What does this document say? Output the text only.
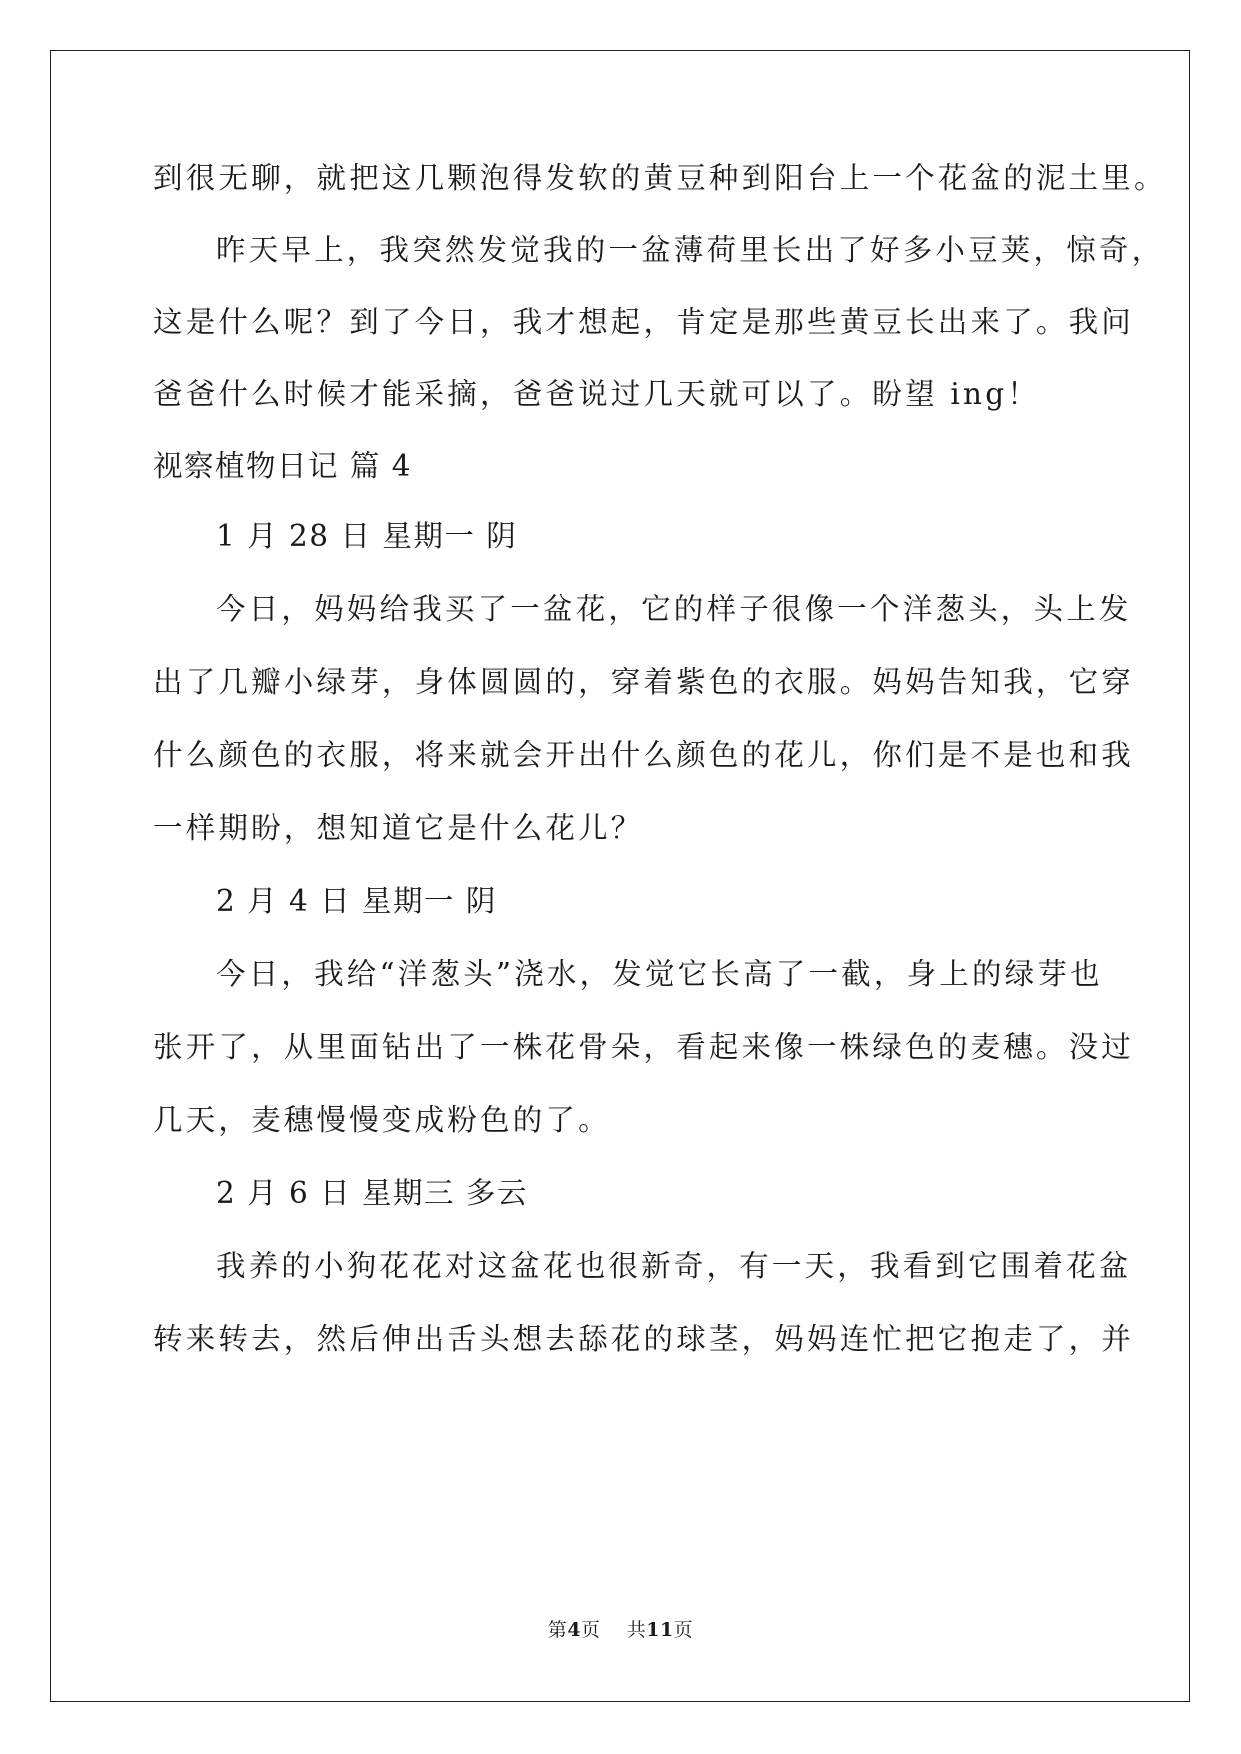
到很无聊，就把这几颗泡得发软的黄豆种到阳台上一个花盆的泥土里。
昨天早上，我突然发觉我的一盆薄荷里长出了好多小豆荚，惊奇，
这是什么呢？到了今日，我才想起，肯定是那些黄豆长出来了。我问
爸爸什么时候才能采摘，爸爸说过几天就可以了。盼望 ing！
视察植物日记 篇 4
1 月 28 日 星期一 阴
今日，妈妈给我买了一盆花，它的样子很像一个洋葱头，头上发
出了几瓣小绿芽，身体圆圆的，穿着紫色的衣服。妈妈告知我，它穿
什么颜色的衣服，将来就会开出什么颜色的花儿，你们是不是也和我
一样期盼，想知道它是什么花儿？
2 月 4 日 星期一 阴
今日，我给“洋葱头”浇水，发觉它长高了一截，身上的绿芽也
张开了，从里面钻出了一株花骨朵，看起来像一株绿色的麦穗。没过
几天，麦穗慢慢变成粉色的了。
2 月 6 日 星期三 多云
我养的小狗花花对这盆花也很新奇，有一天，我看到它围着花盆
转来转去，然后伸出舌头想去舔花的球茎，妈妈连忙把它抱走了，并
第4页    共11页
